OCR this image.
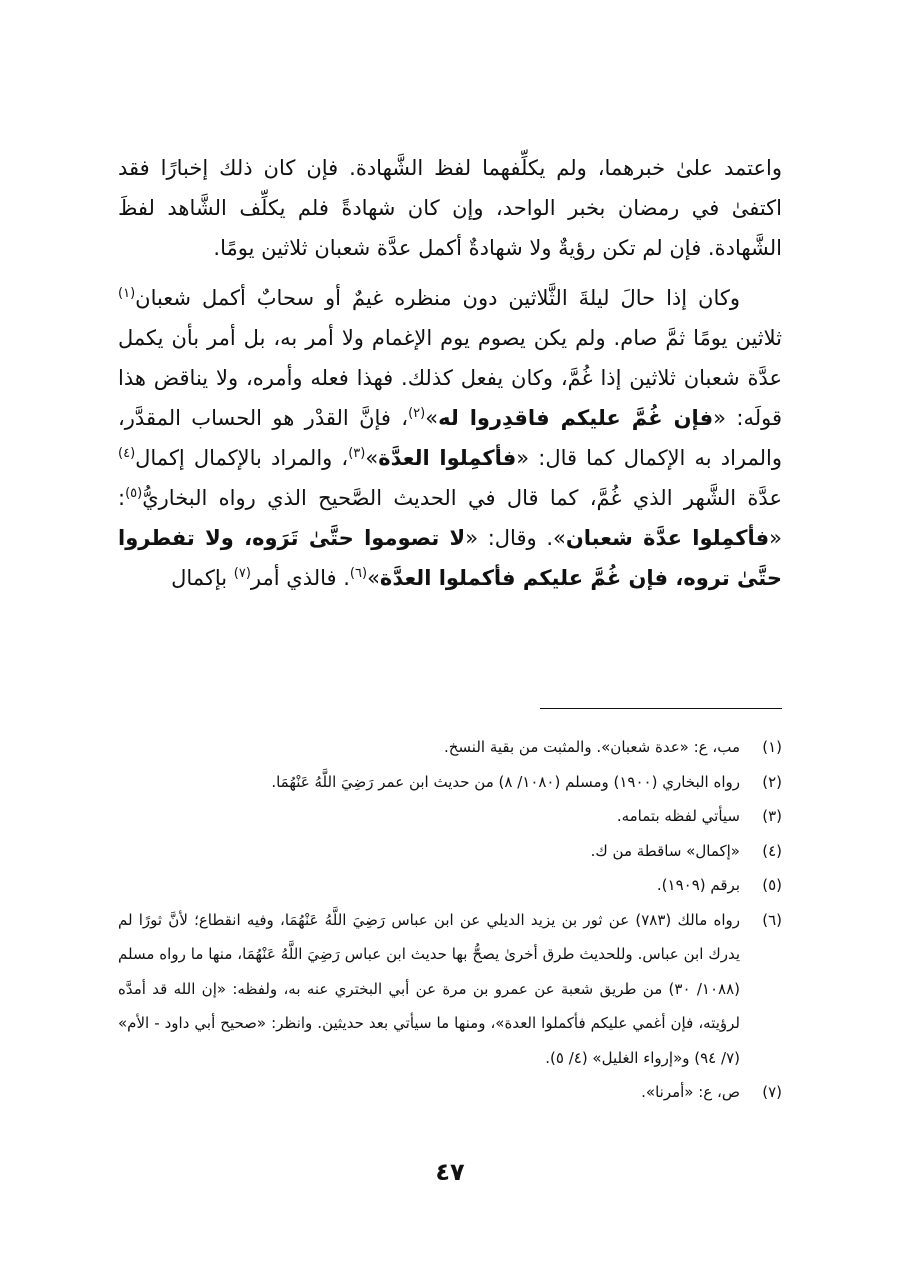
واعتمد علىٰ خبرهما، ولم يكلِّفهما لفظ الشَّهادة. فإن كان ذلك إخبارًا فقد اكتفىٰ في رمضان بخبر الواحد، وإن كان شهادةً فلم يكلِّف الشَّاهد لفظَ الشَّهادة. فإن لم تكن رؤيةٌ ولا شهادةٌ أكمل عدَّة شعبان ثلاثين يومًا.

وكان إذا حالَ ليلةَ الثَّلاثين دون منظره غيمٌ أو سحابٌ أكمل شعبان$^{(١)}$ ثلاثين يومًا ثمَّ صام. ولم يكن يصوم يوم الإغمام ولا أمر به، بل أمر بأن يكمل عدَّة شعبان ثلاثين إذا غُمَّ، وكان يفعل كذلك. فهذا فعله وأمره، ولا يناقض هذا قولَه: «فإن غُمَّ عليكم فاقدِروا له»$^{(٢)}$، فإنَّ القدْر هو الحساب المقدَّر، والمراد به الإكمال كما قال: «فأكمِلوا العدَّة»$^{(٣)}$، والمراد بالإكمال إكمال$^{(٤)}$ عدَّة الشَّهر الذي غُمَّ، كما قال في الحديث الصَّحيح الذي رواه البخاريُّ$^{(٥)}$: «فأكمِلوا عدَّة شعبان». وقال: «لا تصوموا حتَّىٰ تَرَوه، ولا تفطروا حتَّىٰ تروه، فإن غُمَّ عليكم فأكملوا العدَّة»$^{(٦)}$. فالذي أمر$^{(٧)}$ بإكمال

(١)
مب، ع: «عدة شعبان». والمثبت من بقية النسخ.
(٢)
رواه البخاري (١٩٠٠) ومسلم (١٠٨٠/ ٨) من حديث ابن عمر رَضِيَ اللَّهُ عَنْهُمَا.
(٣)
سيأتي لفظه بتمامه.
(٤)
«إكمال» ساقطة من ك.
(٥)
برقم (١٩٠٩).
(٦)
رواه مالك (٧٨٣) عن ثور بن يزيد الديلي عن ابن عباس رَضِيَ اللَّهُ عَنْهُمَا، وفيه انقطاع؛ لأنَّ ثورًا لم يدرك ابن عباس. وللحديث طرق أخرىٰ يصحُّ بها حديث ابن عباس رَضِيَ اللَّهُ عَنْهُمَا، منها ما رواه مسلم (١٠٨٨/ ٣٠) من طريق شعبة عن عمرو بن مرة عن أبي البختري عنه به، ولفظه: «إن الله قد أمدَّه لرؤيته، فإن أغمي عليكم فأكملوا العدة»، ومنها ما سيأتي بعد حديثين. وانظر: «صحيح أبي داود - الأم» (٧/ ٩٤) و«إرواء الغليل» (٤/ ٥).
(٧)
ص، ع: «أمرنا».
٤٧
